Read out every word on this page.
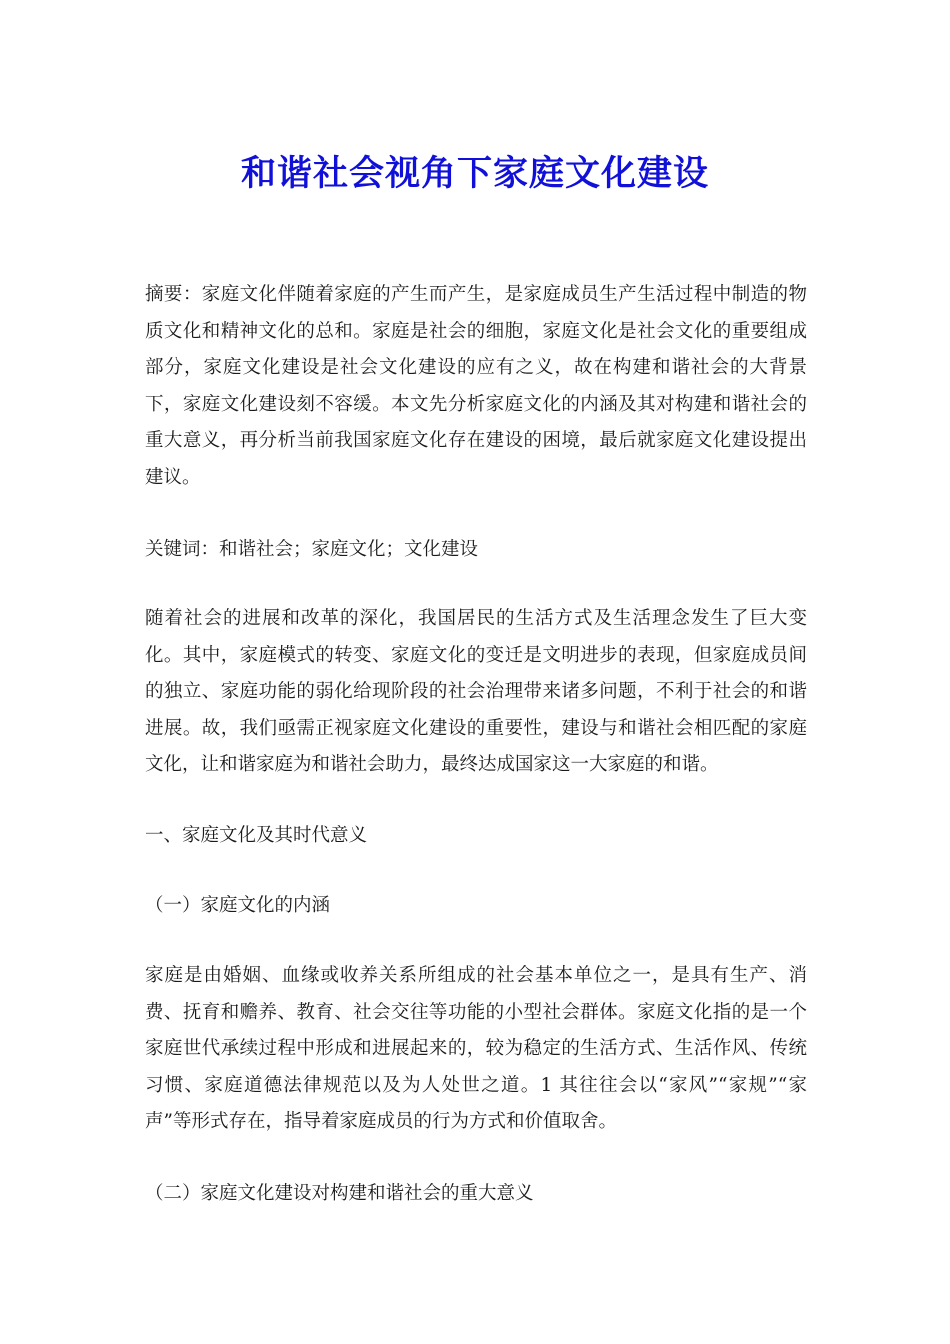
和谐社会视角下家庭文化建设

摘要：家庭文化伴随着家庭的产生而产生，是家庭成员生产生活过程中制造的物质文化和精神文化的总和。家庭是社会的细胞，家庭文化是社会文化的重要组成部分，家庭文化建设是社会文化建设的应有之义，故在构建和谐社会的大背景下，家庭文化建设刻不容缓。本文先分析家庭文化的内涵及其对构建和谐社会的重大意义，再分析当前我国家庭文化存在建设的困境，最后就家庭文化建设提出建议。

关键词：和谐社会；家庭文化；文化建设

随着社会的进展和改革的深化，我国居民的生活方式及生活理念发生了巨大变化。其中，家庭模式的转变、家庭文化的变迁是文明进步的表现，但家庭成员间的独立、家庭功能的弱化给现阶段的社会治理带来诸多问题，不利于社会的和谐进展。故，我们亟需正视家庭文化建设的重要性，建设与和谐社会相匹配的家庭文化，让和谐家庭为和谐社会助力，最终达成国家这一大家庭的和谐。

一、家庭文化及其时代意义

（一）家庭文化的内涵

家庭是由婚姻、血缘或收养关系所组成的社会基本单位之一，是具有生产、消费、抚育和赡养、教育、社会交往等功能的小型社会群体。家庭文化指的是一个家庭世代承续过程中形成和进展起来的，较为稳定的生活方式、生活作风、传统习惯、家庭道德法律规范以及为人处世之道。1 其往往会以“家风”“家规”“家声”等形式存在，指导着家庭成员的行为方式和价值取舍。

（二）家庭文化建设对构建和谐社会的重大意义
